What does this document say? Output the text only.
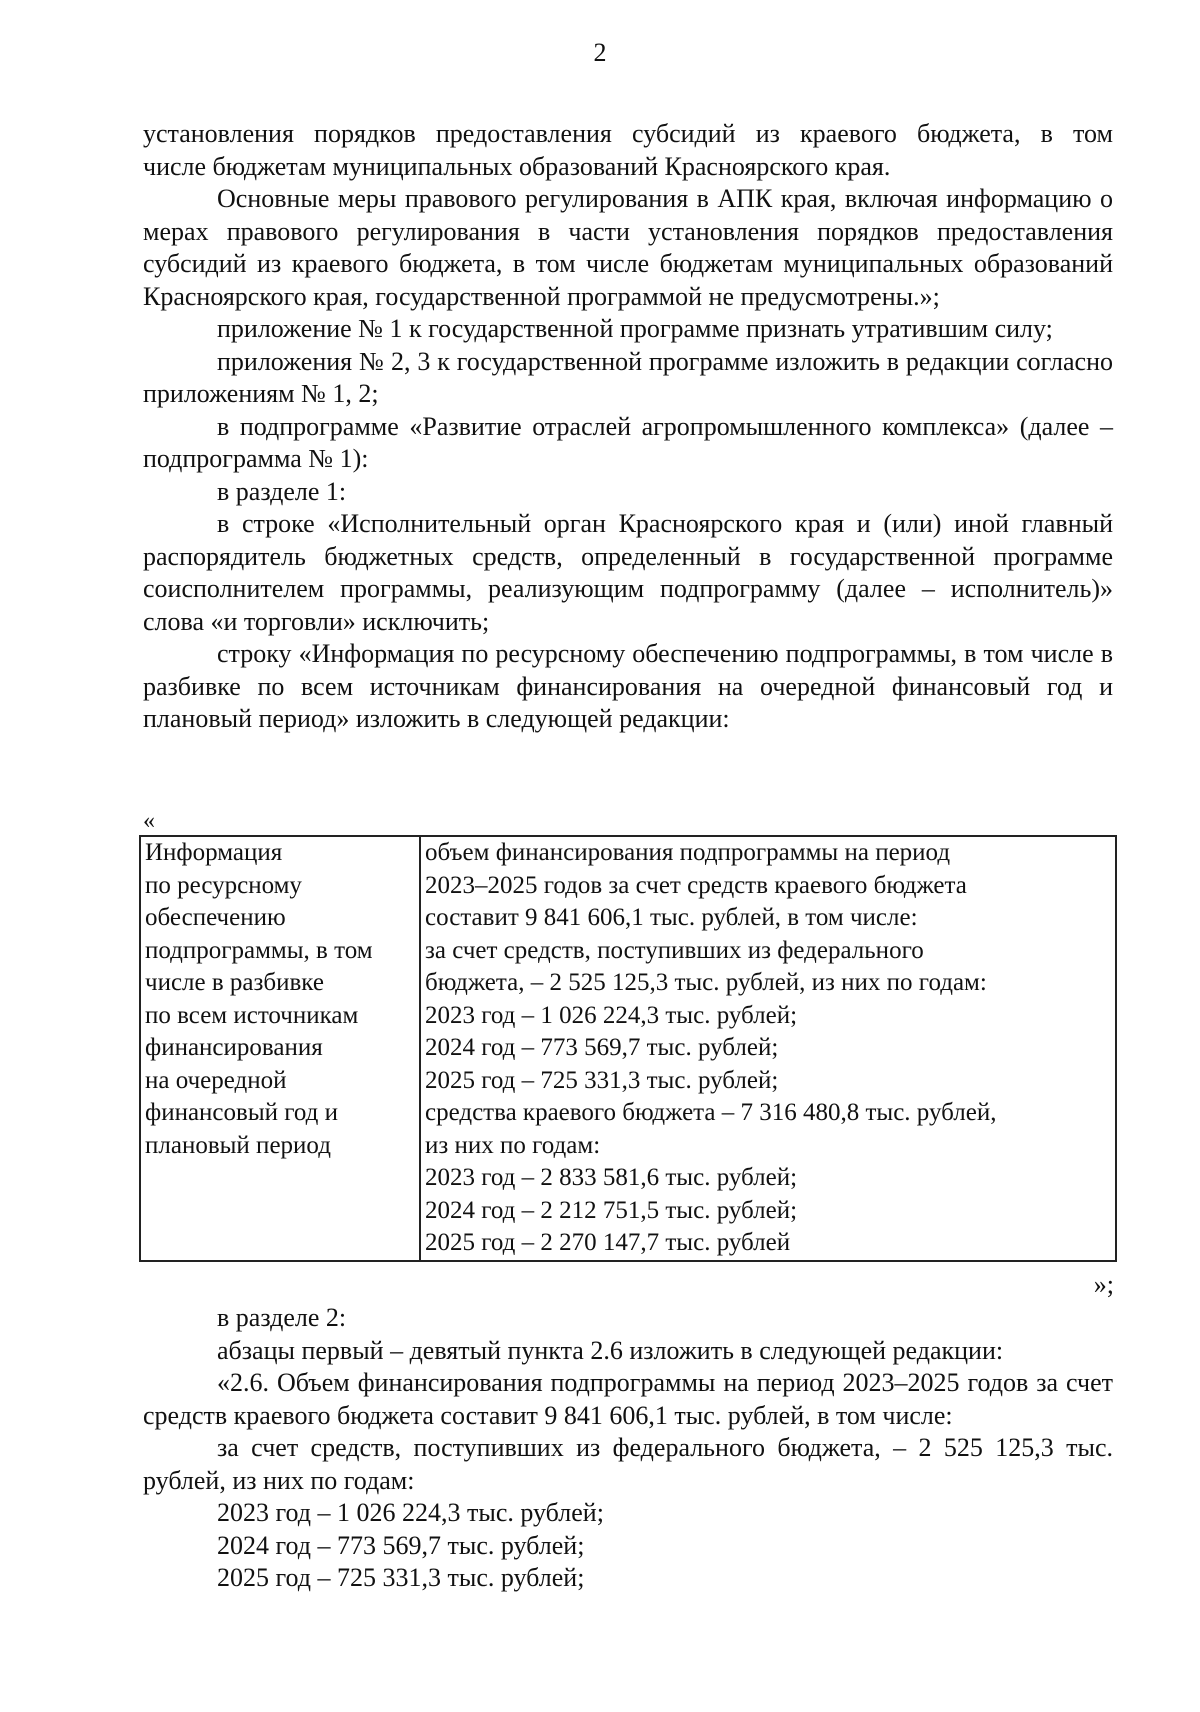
2

установления порядков предоставления субсидий из краевого бюджета, в том
числе бюджетам муниципальных образований Красноярского края.

Основные меры правового регулирования в АПК края, включая информацию о мерах правового регулирования в части установления порядков предоставления субсидий из краевого бюджета, в том числе бюджетам муниципальных образований Красноярского края, государственной программой не предусмотрены.»;

приложение № 1 к государственной программе признать утратившим силу;

приложения № 2, 3 к государственной программе изложить в редакции согласно приложениям № 1, 2;

в подпрограмме «Развитие отраслей агропромышленного комплекса» (далее – подпрограмма № 1):

в разделе 1:

в строке «Исполнительный орган Красноярского края и (или) иной главный распорядитель бюджетных средств, определенный в государственной программе соисполнителем программы, реализующим подпрограмму (далее – исполнитель)» слова «и торговли» исключить;

строку «Информация по ресурсному обеспечению подпрограммы, в том числе в разбивке по всем источникам финансирования на очередной финансовый год и плановый период» изложить в следующей редакции:

«
Информация
по ресурсному
обеспечению
подпрограммы, в том
числе в разбивке
по всем источникам
финансирования
на очередной
финансовый год и
плановый период

объем финансирования подпрограммы на период
2023–2025 годов за счет средств краевого бюджета
составит 9 841 606,1 тыс. рублей, в том числе:
за счет средств, поступивших из федерального
бюджета, – 2 525 125,3 тыс. рублей, из них по годам:
2023 год – 1 026 224,3 тыс. рублей;
2024 год – 773 569,7 тыс. рублей;
2025 год – 725 331,3 тыс. рублей;
средства краевого бюджета – 7 316 480,8 тыс. рублей,
из них по годам:
2023 год – 2 833 581,6 тыс. рублей;
2024 год – 2 212 751,5 тыс. рублей;
2025 год – 2 270 147,7 тыс. рублей
»;

в разделе 2:

абзацы первый – девятый пункта 2.6 изложить в следующей редакции:

«2.6. Объем финансирования подпрограммы на период 2023–2025 годов за счет средств краевого бюджета составит 9 841 606,1 тыс. рублей, в том числе:

за счет средств, поступивших из федерального бюджета, – 2 525 125,3 тыс. рублей, из них по годам:

2023 год – 1 026 224,3 тыс. рублей;

2024 год – 773 569,7 тыс. рублей;

2025 год – 725 331,3 тыс. рублей;
